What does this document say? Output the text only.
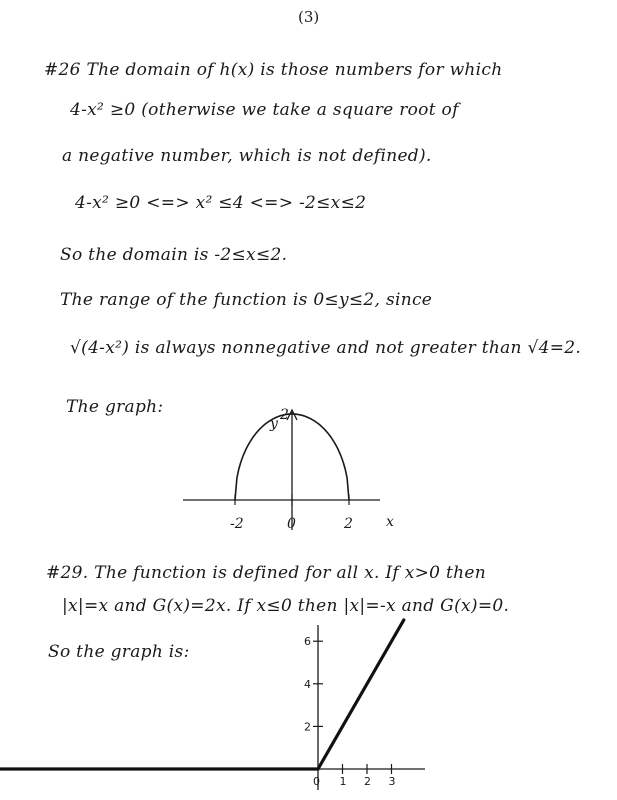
(3)
#26 The domain of h(x) is those numbers for which
4-x² ≥0 (otherwise we take a square root of
a negative number, which is not defined).
4-x² ≥0 <=> x² ≤4 <=> -2≤x≤2
So the domain is -2≤x≤2.
The range of the function is 0≤y≤2, since
√(4-x²) is always nonnegative and not greater than √4=2.
The graph:
#29. The function is defined for all x. If x>0 then
|x|=x and G(x)=2x. If x≤0 then |x|=-x and G(x)=0.
So the graph is:
-2	0	2
2
x
y
0 1 2 3
2
4
6
